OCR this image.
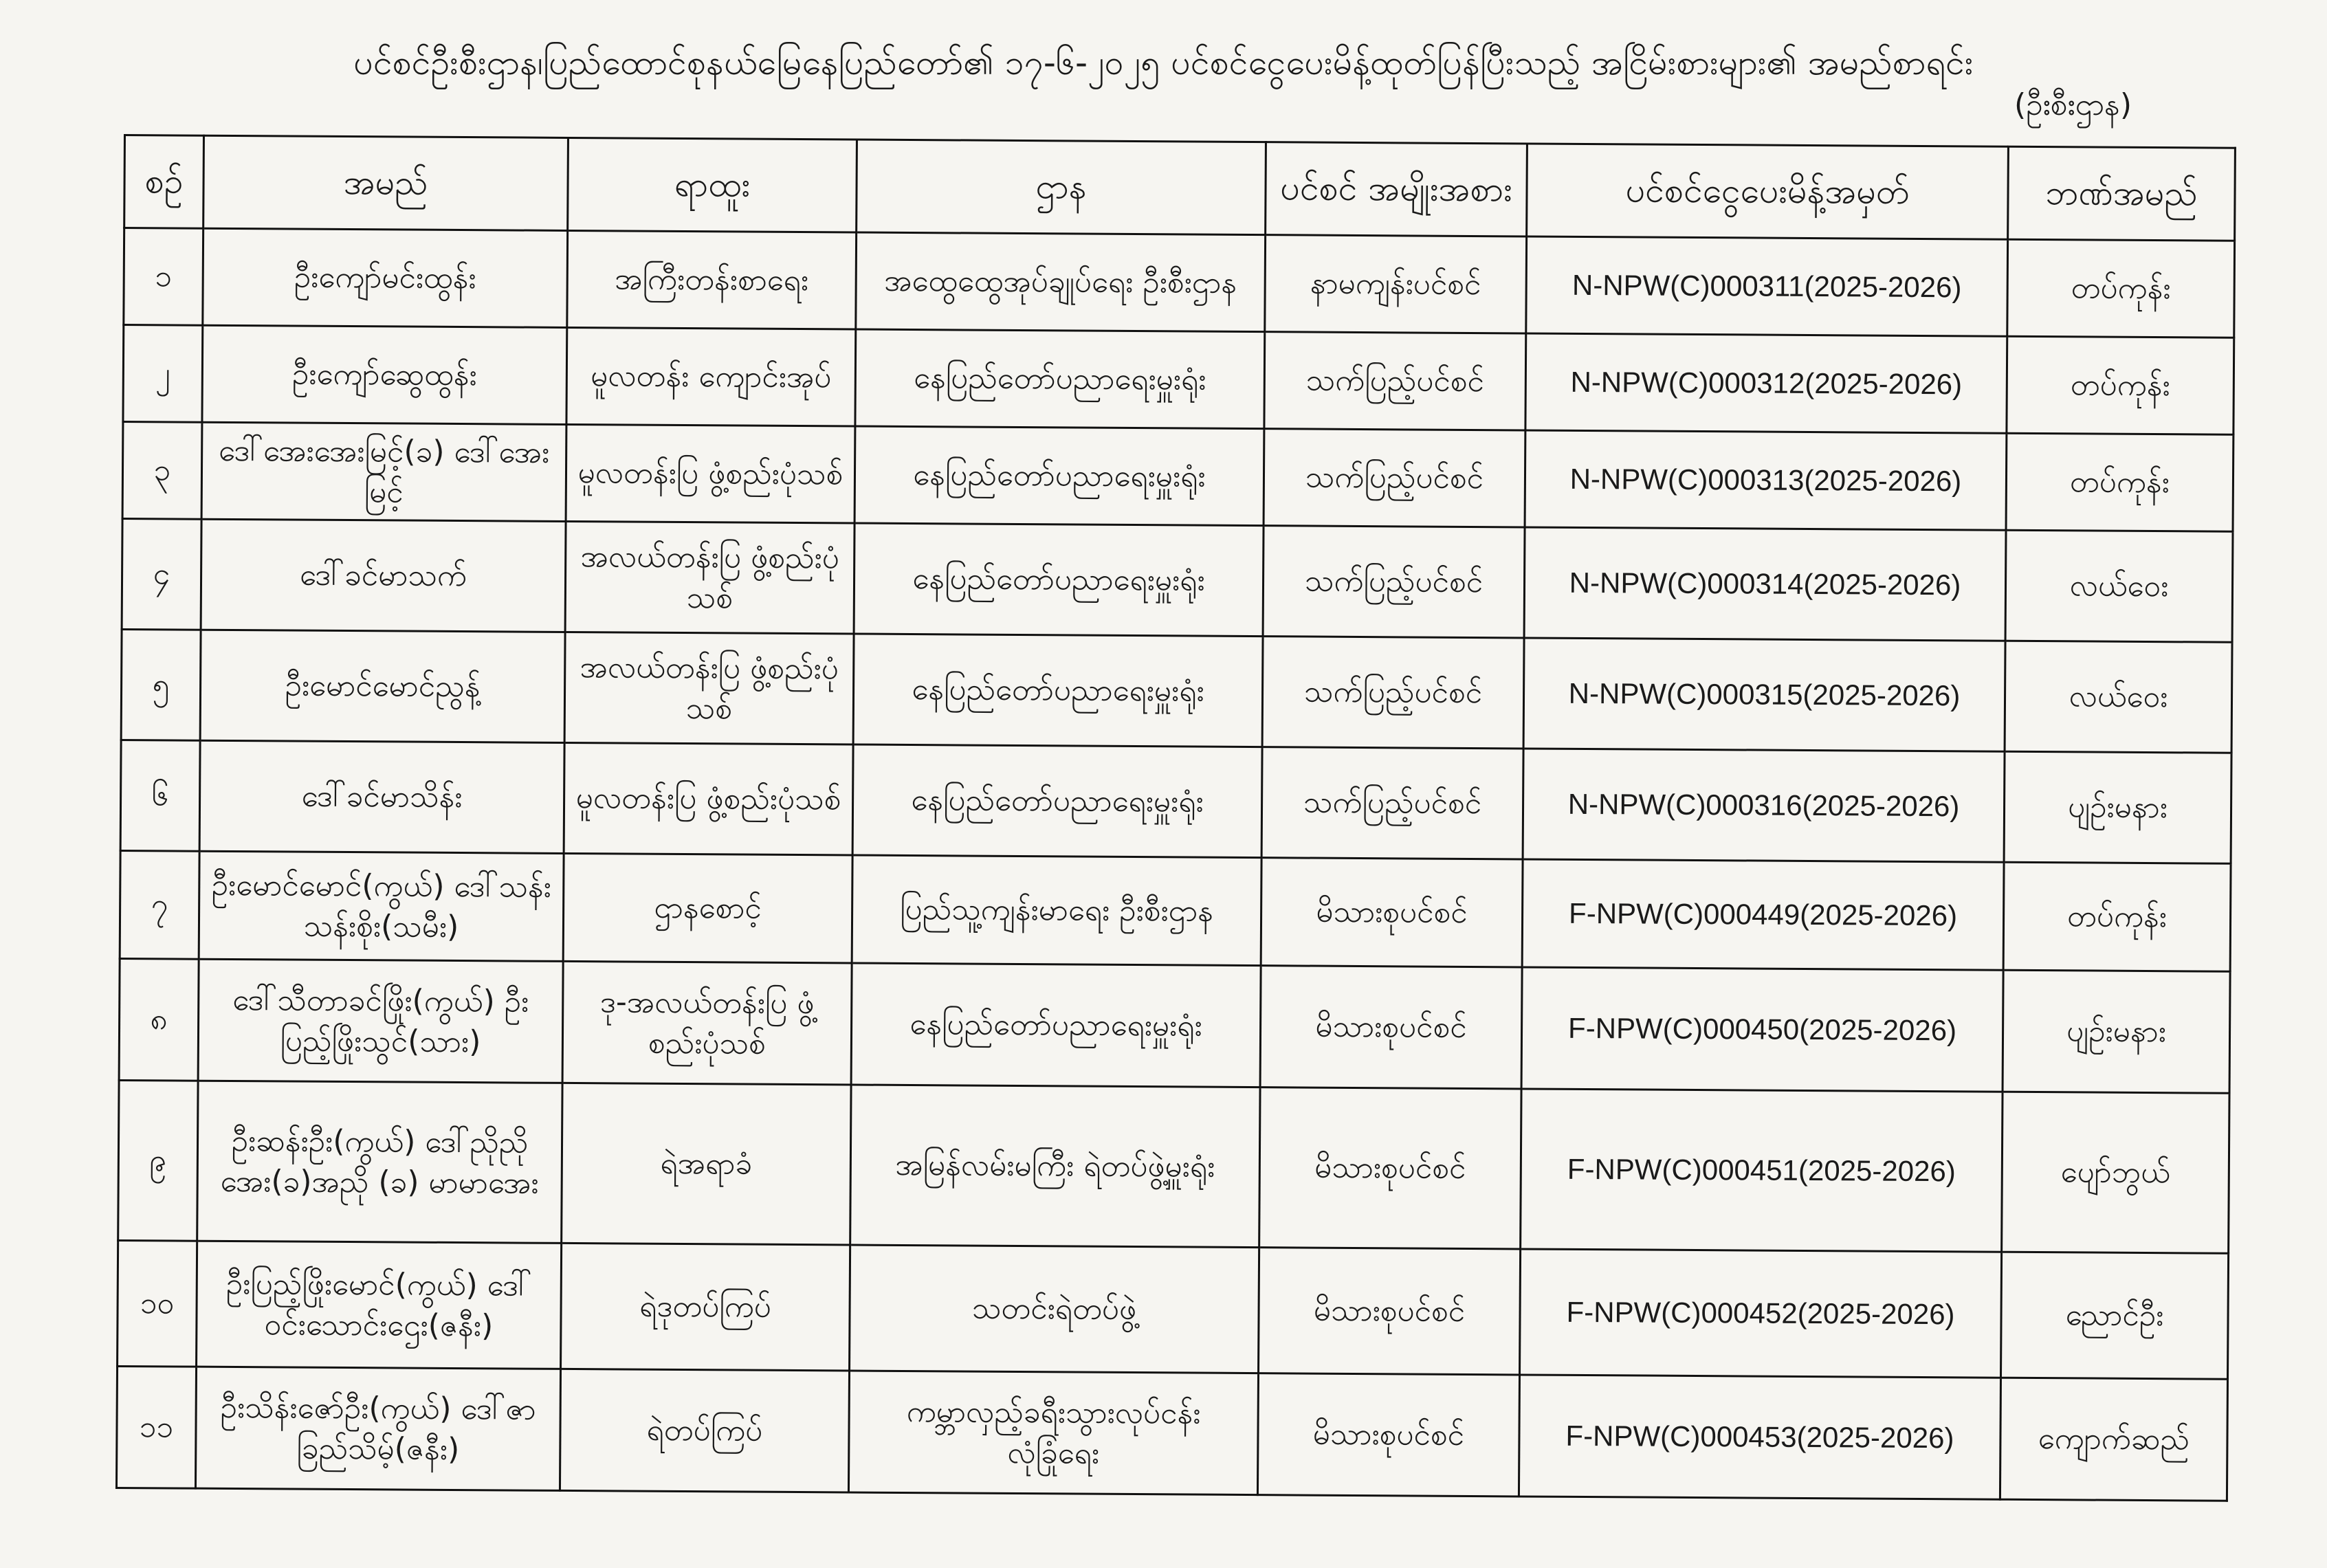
ပင်စင်ဦးစီးဌာန၊ပြည်ထောင်စုနယ်မြေနေပြည်တော်၏ ၁၇-၆-၂၀၂၅ ပင်စင်ငွေပေးမိန့်ထုတ်ပြန်ပြီးသည့် အငြိမ်းစားများ၏ အမည်စာရင်း
(ဦးစီးဌာန)
စဉ်	အမည်	ရာထူး	ဌာန	ပင်စင် အမျိုးအစား	ပင်စင်ငွေပေးမိန့်အမှတ်	ဘဏ်အမည်
၁	ဦးကျော်မင်းထွန်း	အကြီးတန်းစာရေး	အထွေထွေအုပ်ချုပ်ရေး ဦးစီးဌာန	နာမကျန်းပင်စင်	N-NPW(C)000311(2025-2026)	တပ်ကုန်း
၂	ဦးကျော်ဆွေထွန်း	မူလတန်း ကျောင်းအုပ်	နေပြည်တော်ပညာရေးမှူးရုံး	သက်ပြည့်ပင်စင်	N-NPW(C)000312(2025-2026)	တပ်ကုန်း
၃	ဒေါ်အေးအေးမြင့်(ခ) ဒေါ်အေးမြင့်	မူလတန်းပြ ဖွံ့စည်းပုံသစ်	နေပြည်တော်ပညာရေးမှူးရုံး	သက်ပြည့်ပင်စင်	N-NPW(C)000313(2025-2026)	တပ်ကုန်း
၄	ဒေါ်ခင်မာသက်	အလယ်တန်းပြ ဖွံ့စည်းပုံသစ်	နေပြည်တော်ပညာရေးမှူးရုံး	သက်ပြည့်ပင်စင်	N-NPW(C)000314(2025-2026)	လယ်ဝေး
၅	ဦးမောင်မောင်ညွန့်	အလယ်တန်းပြ ဖွံ့စည်းပုံသစ်	နေပြည်တော်ပညာရေးမှူးရုံး	သက်ပြည့်ပင်စင်	N-NPW(C)000315(2025-2026)	လယ်ဝေး
၆	ဒေါ်ခင်မာသိန်း	မူလတန်းပြ ဖွံ့စည်းပုံသစ်	နေပြည်တော်ပညာရေးမှူးရုံး	သက်ပြည့်ပင်စင်	N-NPW(C)000316(2025-2026)	ပျဉ်းမနား
၇	ဦးမောင်မောင်(ကွယ်) ဒေါ်သန်းသန်းစိုး(သမီး)	ဌာနစောင့်	ပြည်သူ့ကျန်းမာရေး ဦးစီးဌာန	မိသားစုပင်စင်	F-NPW(C)000449(2025-2026)	တပ်ကုန်း
၈	ဒေါ်သီတာခင်ဖြိုး(ကွယ်) ဦးပြည့်ဖြိုးသွင်(သား)	ဒု-အလယ်တန်းပြ ဖွံ့စည်းပုံသစ်	နေပြည်တော်ပညာရေးမှူးရုံး	မိသားစုပင်စင်	F-NPW(C)000450(2025-2026)	ပျဉ်းမနား
၉	ဦးဆန်းဦး(ကွယ်) ဒေါ်ညိုညိုအေး(ခ)အညို (ခ) မာမာအေး	ရဲအရာခံ	အမြန်လမ်းမကြီး ရဲတပ်ဖွဲ့မှူးရုံး	မိသားစုပင်စင်	F-NPW(C)000451(2025-2026)	ပျော်ဘွယ်
၁၀	ဦးပြည့်ဖြိုးမောင်(ကွယ်) ဒေါ်ဝင်းသောင်းဌေး(ဇနီး)	ရဲဒုတပ်ကြပ်	သတင်းရဲတပ်ဖွဲ့	မိသားစုပင်စင်	F-NPW(C)000452(2025-2026)	ညောင်ဦး
၁၁	ဦးသိန်းဇော်ဦး(ကွယ်) ဒေါ်ဇာခြည်သိမ့်(ဇနီး)	ရဲတပ်ကြပ်	ကမ္ဘာလှည့်ခရီးသွားလုပ်ငန်း လုံခြုံရေး	မိသားစုပင်စင်	F-NPW(C)000453(2025-2026)	ကျောက်ဆည်
